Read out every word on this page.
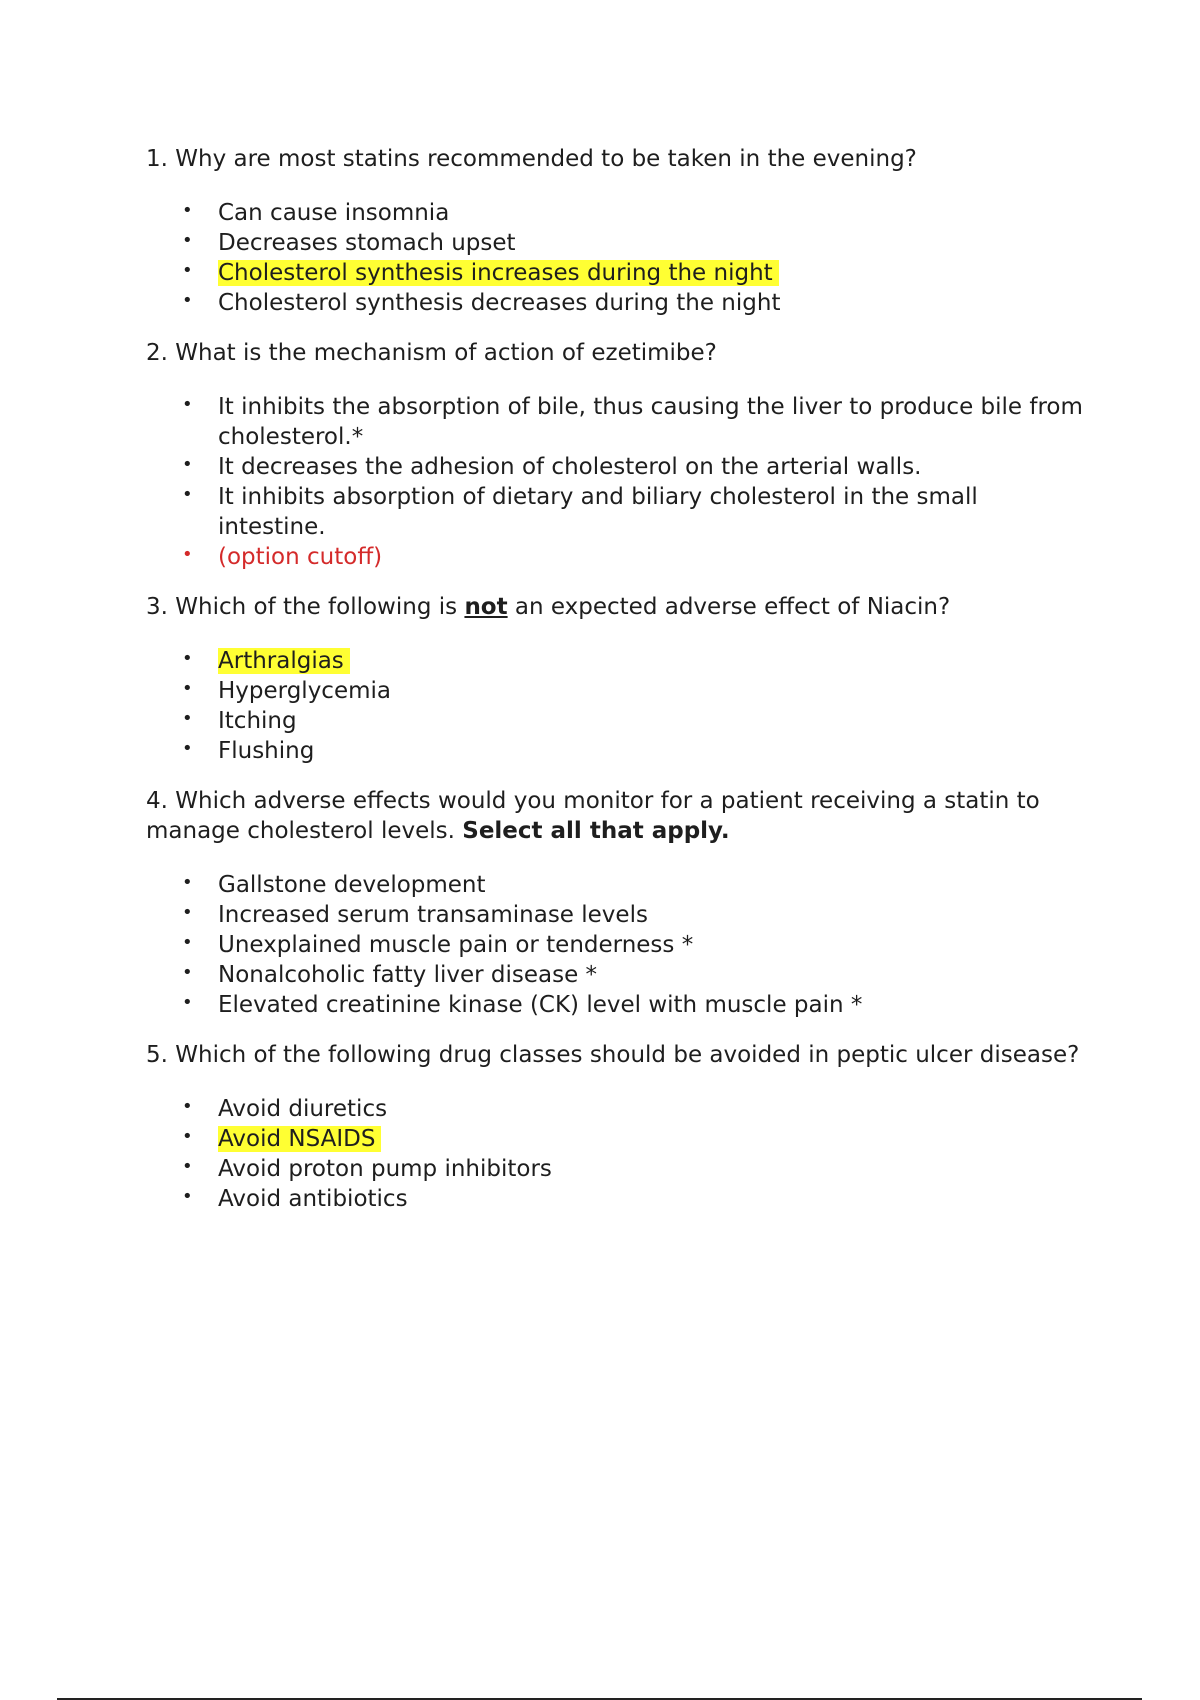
1. Why are most statins recommended to be taken in the evening?

• Can cause insomnia
• Decreases stomach upset
• Cholesterol synthesis increases during the night
• Cholesterol synthesis decreases during the night

2. What is the mechanism of action of ezetimibe?

• It inhibits the absorption of bile, thus causing the liver to produce bile from cholesterol.*
• It decreases the adhesion of cholesterol on the arterial walls.
• It inhibits absorption of dietary and biliary cholesterol in the small intestine.
• (option cutoff)

3. Which of the following is not an expected adverse effect of Niacin?

• Arthralgias
• Hyperglycemia
• Itching
• Flushing

4. Which adverse effects would you monitor for a patient receiving a statin to manage cholesterol levels. Select all that apply.

• Gallstone development
• Increased serum transaminase levels
• Unexplained muscle pain or tenderness *
• Nonalcoholic fatty liver disease *
• Elevated creatinine kinase (CK) level with muscle pain *

5. Which of the following drug classes should be avoided in peptic ulcer disease?

• Avoid diuretics
• Avoid NSAIDS
• Avoid proton pump inhibitors
• Avoid antibiotics
